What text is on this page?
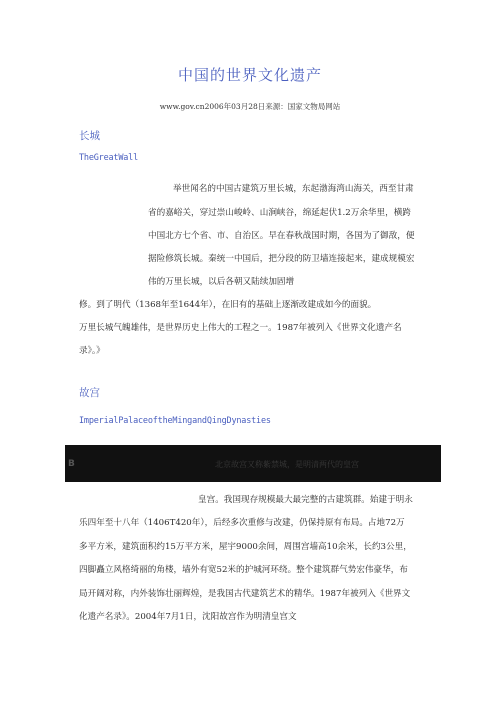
中国的世界文化遗产
www.gov.cn2006年03月28日来源：国家文物局网站
长城
TheGreatWall
举世闻名的中国古建筑万里长城，东起渤海湾山海关，西至甘肃
省的嘉峪关，穿过崇山峻岭、山涧峡谷，绵延起伏1.2万余华里，横跨
中国北方七个省、市、自治区。早在春秋战国时期，各国为了御敌，便
据险修筑长城。秦统一中国后，把分段的防卫墙连接起来，建成规模宏
伟的万里长城，以后各朝又陆续加固增
修。到了明代（1368年至1644年），在旧有的基础上逐渐改建成如今的面貌。
万里长城气魄雄伟，是世界历史上伟大的工程之一。1987年被列入《世界文化遗产名
录》。》
故宫
ImperialPalaceoftheMingandQingDynasties
B	北京故宫又称紫禁城，是明清两代的皇宫
皇宫。我国现存规模最大最完整的古建筑群。始建于明永
乐四年至十八年（1406T420年），后经多次重修与改建，仍保持原有布局。占地72万
多平方米，建筑面积约15万平方米，屋宇9000余间，周围宫墙高10余米，长约3公里，
四脚矗立风格绮丽的角楼，墙外有宽52米的护城河环绕。整个建筑群气势宏伟豪华，布
局开阔对称，内外装饰壮丽辉煌，是我国古代建筑艺术的精华。1987年被列入《世界文
化遗产名录》。2004年7月1日，沈阳故宫作为明清皇宫文
